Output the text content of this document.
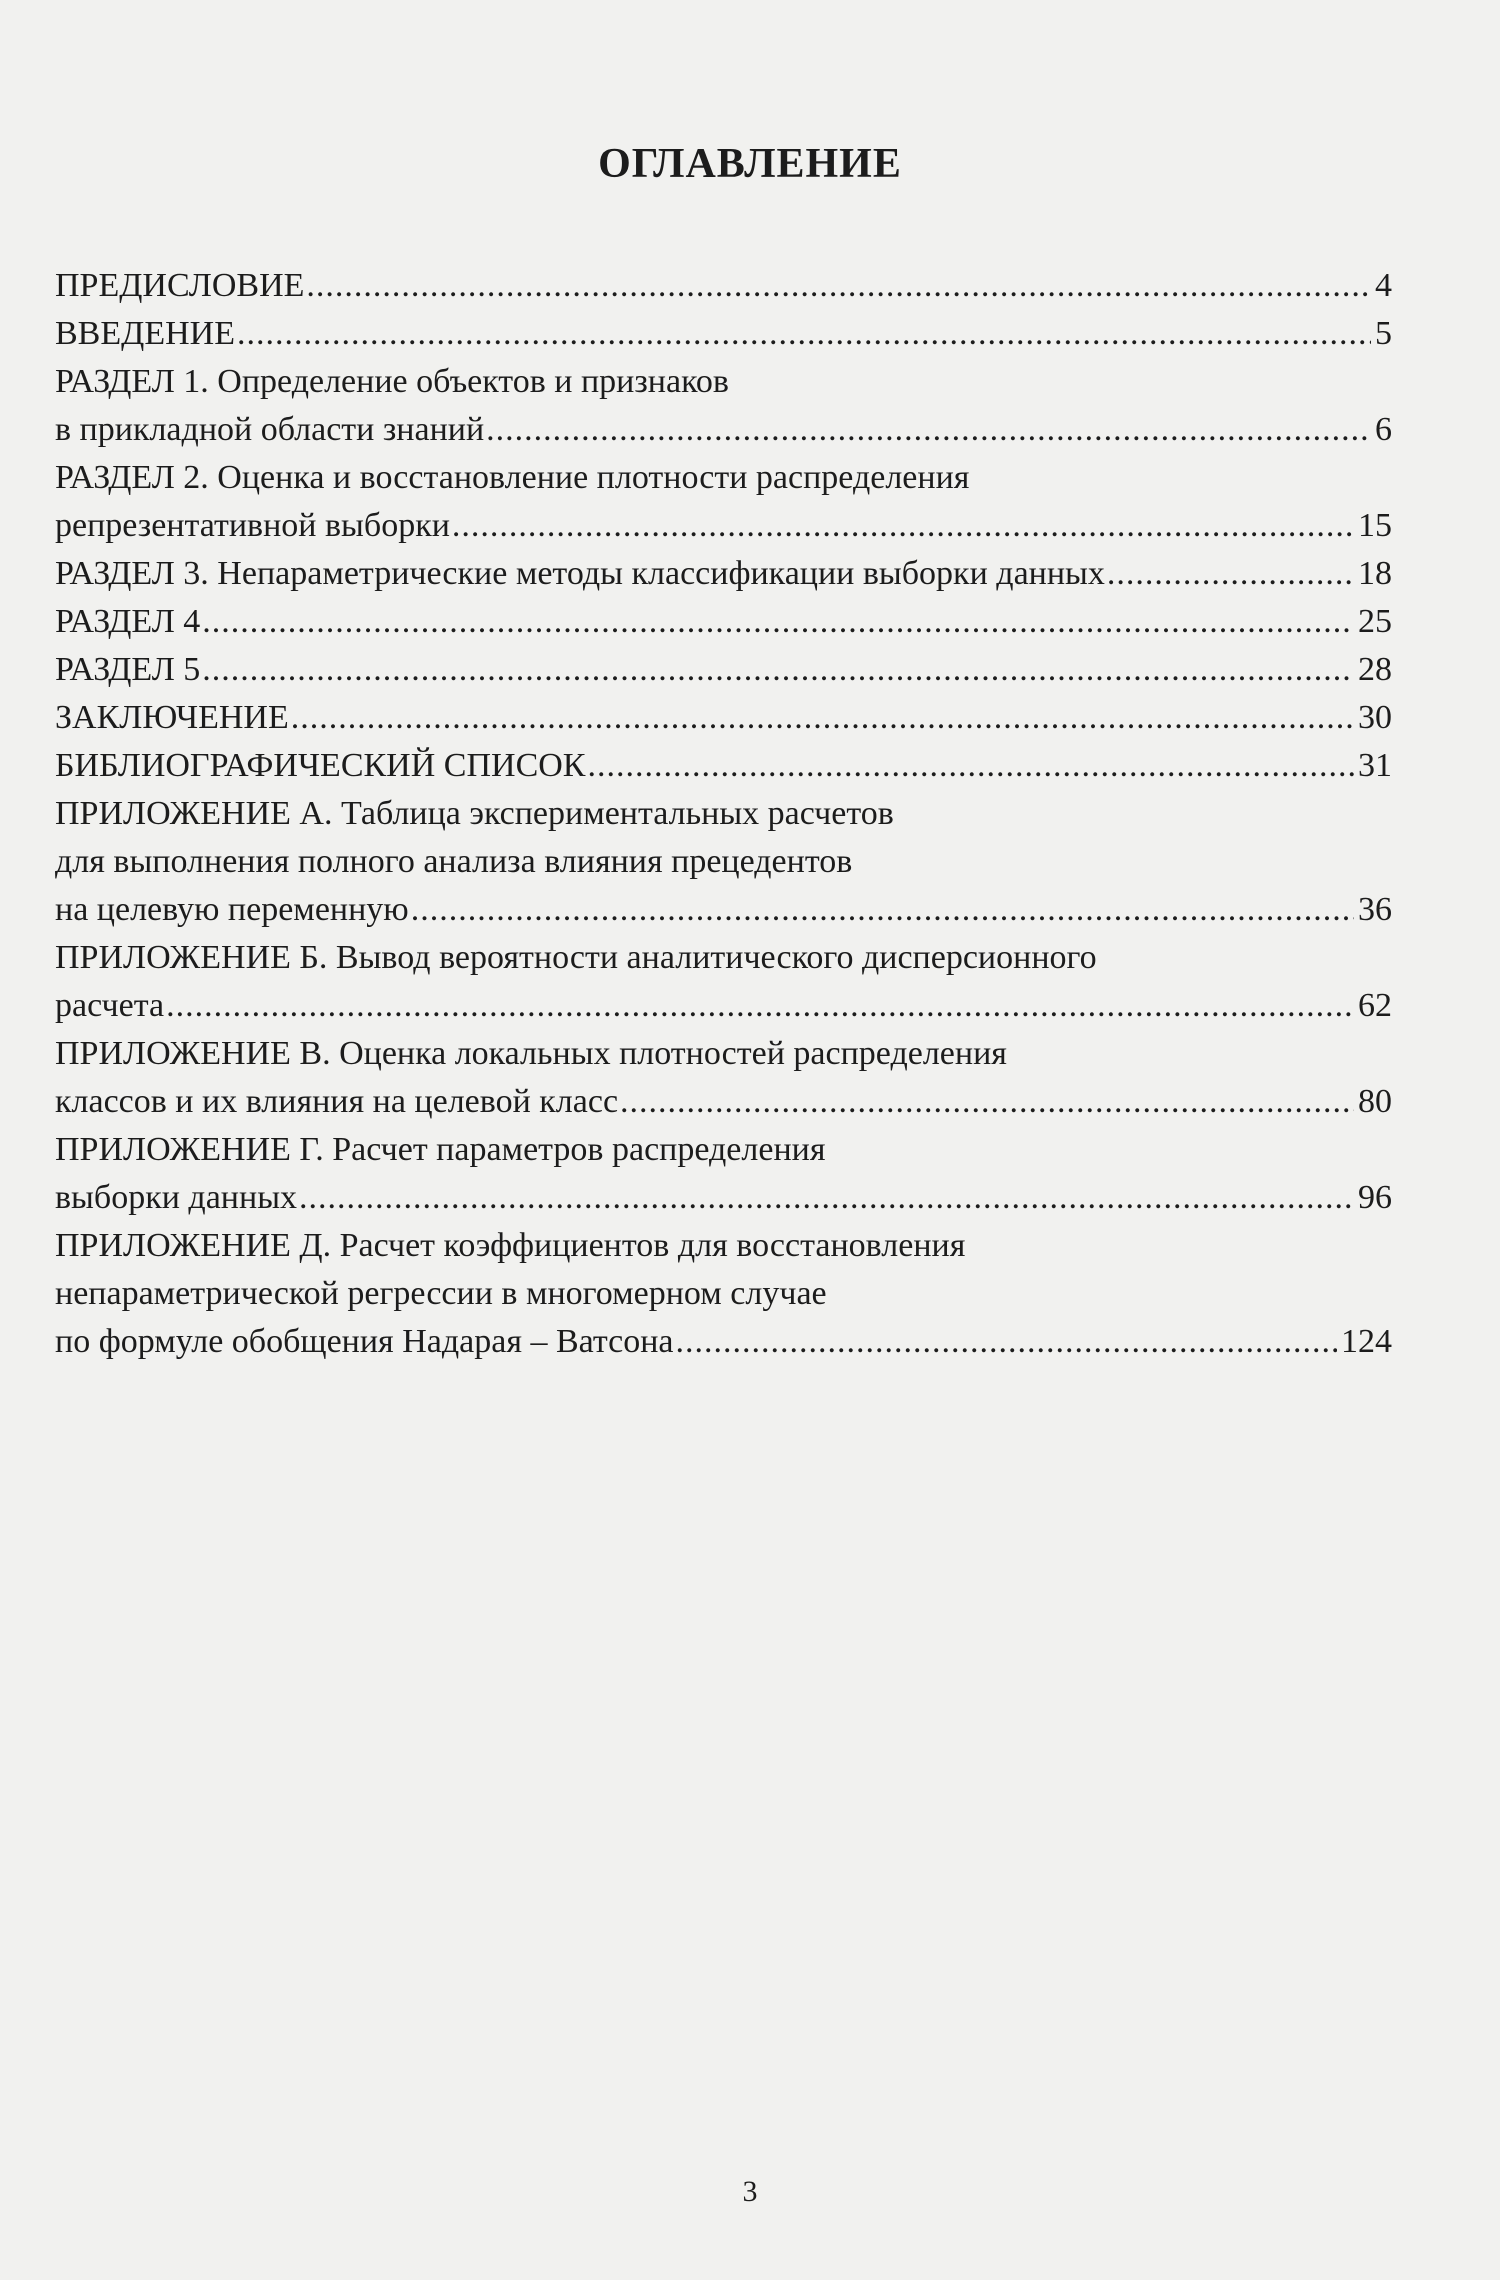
ОГЛАВЛЕНИЕ
ПРЕДИСЛОВИЕ .....	4
ВВЕДЕНИЕ .....	5
РАЗДЕЛ 1. Определение объектов и признаков
в прикладной области знаний .....	6
РАЗДЕЛ 2. Оценка и восстановление плотности распределения
репрезентативной выборки .....	15
РАЗДЕЛ 3. Непараметрические методы классификации выборки данных .....	18
РАЗДЕЛ 4 .....	25
РАЗДЕЛ 5 .....	28
ЗАКЛЮЧЕНИЕ .....	30
БИБЛИОГРАФИЧЕСКИЙ СПИСОК .....	31
ПРИЛОЖЕНИЕ А. Таблица экспериментальных расчетов
для выполнения полного анализа влияния прецедентов
на целевую переменную .....	36
ПРИЛОЖЕНИЕ Б. Вывод вероятности аналитического дисперсионного
расчета .....	62
ПРИЛОЖЕНИЕ В. Оценка локальных плотностей распределения
классов и их влияния на целевой класс .....	80
ПРИЛОЖЕНИЕ Г. Расчет параметров распределения
выборки данных .....	96
ПРИЛОЖЕНИЕ Д. Расчет коэффициентов для восстановления
непараметрической регрессии в многомерном случае
по формуле обобщения Надарая – Ватсона .....	124
3
